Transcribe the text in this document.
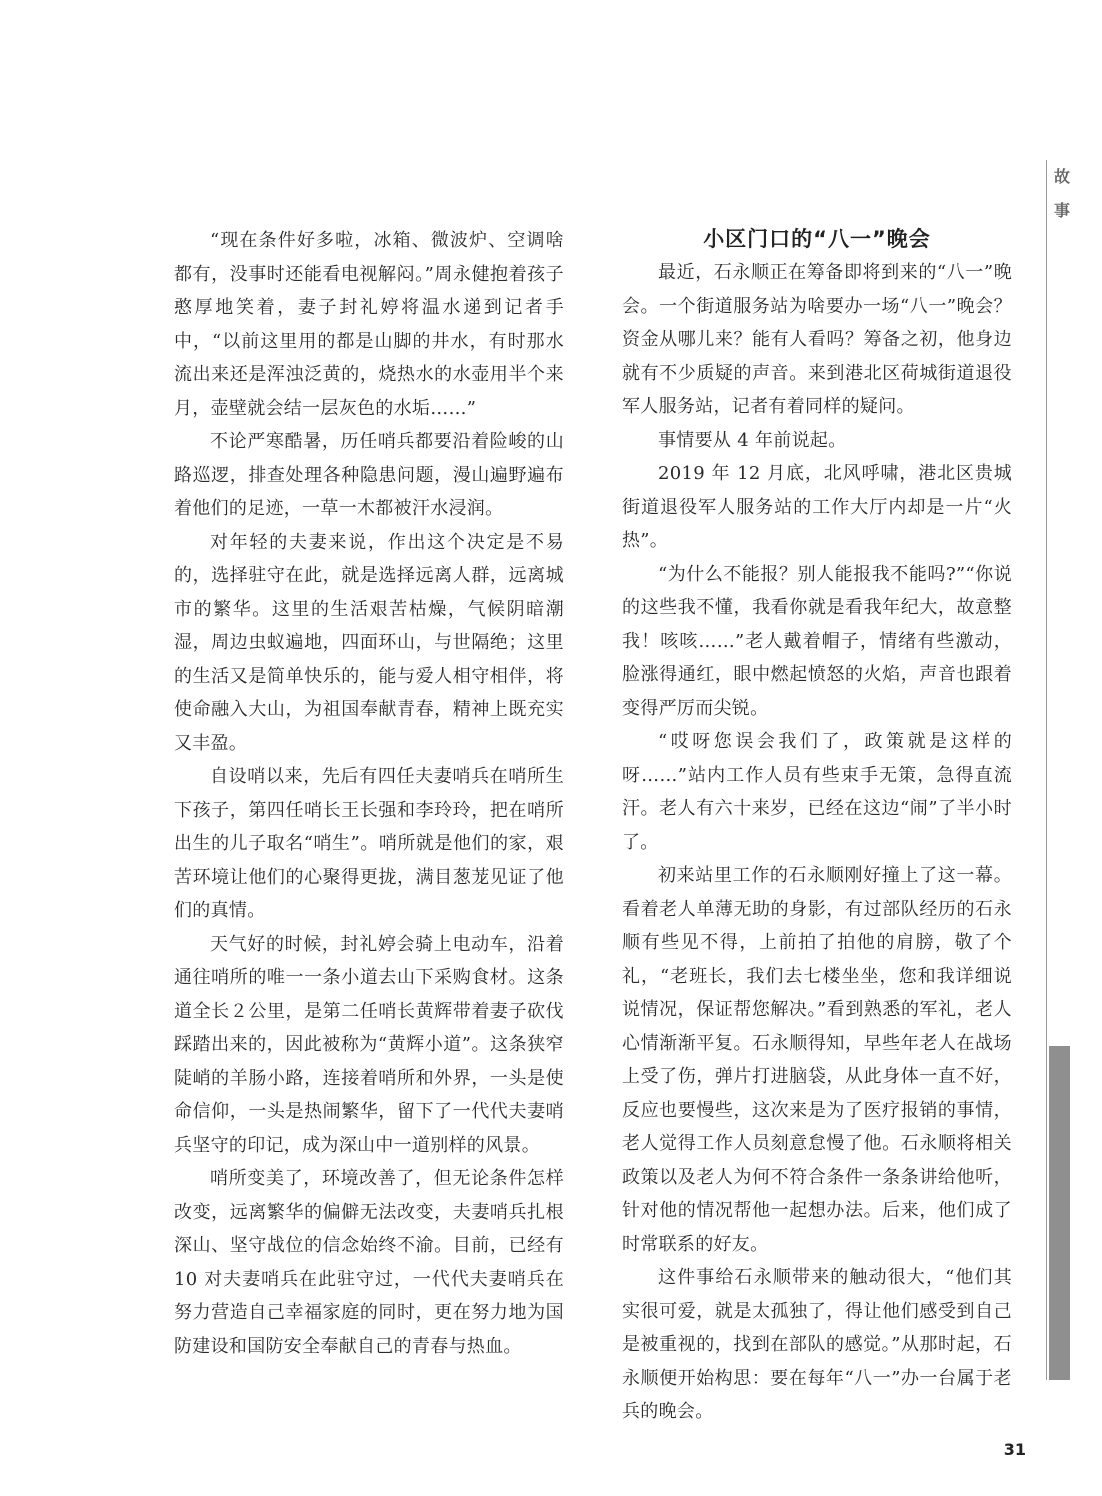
故
事

“现在条件好多啦，冰箱、微波炉、空调啥都有，没事时还能看电视解闷。”周永健抱着孩子憨厚地笑着，妻子封礼婷将温水递到记者手中，“以前这里用的都是山脚的井水，有时那水流出来还是浑浊泛黄的，烧热水的水壶用半个来月，壶壁就会结一层灰色的水垢……”

不论严寒酷暑，历任哨兵都要沿着险峻的山路巡逻，排查处理各种隐患问题，漫山遍野遍布着他们的足迹，一草一木都被汗水浸润。

对年轻的夫妻来说，作出这个决定是不易的，选择驻守在此，就是选择远离人群，远离城市的繁华。这里的生活艰苦枯燥，气候阴暗潮湿，周边虫蚁遍地，四面环山，与世隔绝；这里的生活又是简单快乐的，能与爱人相守相伴，将使命融入大山，为祖国奉献青春，精神上既充实又丰盈。

自设哨以来，先后有四任夫妻哨兵在哨所生下孩子，第四任哨长王长强和李玲玲，把在哨所出生的儿子取名“哨生”。哨所就是他们的家，艰苦环境让他们的心聚得更拢，满目葱茏见证了他们的真情。

天气好的时候，封礼婷会骑上电动车，沿着通往哨所的唯一一条小道去山下采购食材。这条道全长２公里，是第二任哨长黄辉带着妻子砍伐踩踏出来的，因此被称为“黄辉小道”。这条狭窄陡峭的羊肠小路，连接着哨所和外界，一头是使命信仰，一头是热闹繁华，留下了一代代夫妻哨兵坚守的印记，成为深山中一道别样的风景。

哨所变美了，环境改善了，但无论条件怎样改变，远离繁华的偏僻无法改变，夫妻哨兵扎根深山、坚守战位的信念始终不渝。目前，已经有10 对夫妻哨兵在此驻守过，一代代夫妻哨兵在努力营造自己幸福家庭的同时，更在努力地为国防建设和国防安全奉献自己的青春与热血。

小区门口的“八一”晚会

最近，石永顺正在筹备即将到来的“八一”晚会。一个街道服务站为啥要办一场“八一”晚会？资金从哪儿来？能有人看吗？筹备之初，他身边就有不少质疑的声音。来到港北区荷城街道退役军人服务站，记者有着同样的疑问。

事情要从 4 年前说起。

2019 年 12 月底，北风呼啸，港北区贵城街道退役军人服务站的工作大厅内却是一片“火热”。

“为什么不能报？别人能报我不能吗?”“你说的这些我不懂，我看你就是看我年纪大，故意整我！咳咳……”老人戴着帽子，情绪有些激动，脸涨得通红，眼中燃起愤怒的火焰，声音也跟着变得严厉而尖锐。

“哎呀您误会我们了，政策就是这样的呀……”站内工作人员有些束手无策，急得直流汗。老人有六十来岁，已经在这边“闹”了半小时了。

初来站里工作的石永顺刚好撞上了这一幕。看着老人单薄无助的身影，有过部队经历的石永顺有些见不得，上前拍了拍他的肩膀，敬了个礼，“老班长，我们去七楼坐坐，您和我详细说说情况，保证帮您解决。”看到熟悉的军礼，老人心情渐渐平复。石永顺得知，早些年老人在战场上受了伤，弹片打进脑袋，从此身体一直不好，反应也要慢些，这次来是为了医疗报销的事情，老人觉得工作人员刻意怠慢了他。石永顺将相关政策以及老人为何不符合条件一条条讲给他听，针对他的情况帮他一起想办法。后来，他们成了时常联系的好友。

这件事给石永顺带来的触动很大，“他们其实很可爱，就是太孤独了，得让他们感受到自己是被重视的，找到在部队的感觉。”从那时起，石永顺便开始构思：要在每年“八一”办一台属于老兵的晚会。

31
